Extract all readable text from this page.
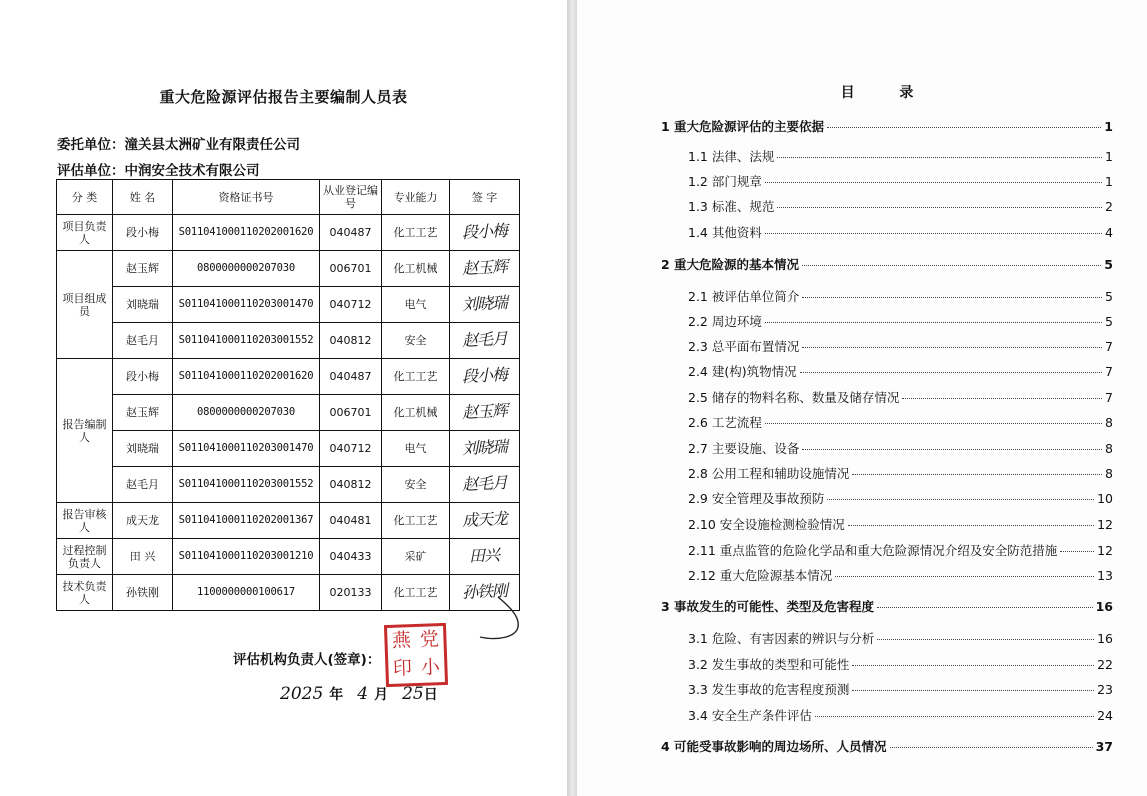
重大危险源评估报告主要编制人员表
委托单位：潼关县太洲矿业有限责任公司
评估单位：中润安全技术有限公司
分 类	姓 名	资格证书号	从业登记编号	专业能力	签 字
项目负责人	段小梅	S011041000110202001620	040487	化工工艺	段小梅
项目组成员	赵玉辉	0800000000207030	006701	化工机械	赵玉辉
	刘晓瑞	S011041000110203001470	040712	电气	刘晓瑞
	赵毛月	S011041000110203001552	040812	安全	赵毛月
报告编制人	段小梅	S011041000110202001620	040487	化工工艺	段小梅
	赵玉辉	0800000000207030	006701	化工机械	赵玉辉
	刘晓瑞	S011041000110203001470	040712	电气	刘晓瑞
	赵毛月	S011041000110203001552	040812	安全	赵毛月
报告审核人	成天龙	S011041000110202001367	040481	化工工艺	成天龙
过程控制负责人	田 兴	S011041000110203001210	040433	采矿	田兴
技术负责人	孙铁刚	1100000000100617	020133	化工工艺	孙铁刚
评估机构负责人(签章)：
燕 党
印 小
2025 年 4 月 25日
目 录
1 重大危险源评估的主要依据	1
1.1 法律、法规	1
1.2 部门规章	1
1.3 标准、规范	2
1.4 其他资料	4
2 重大危险源的基本情况	5
2.1 被评估单位简介	5
2.2 周边环境	5
2.3 总平面布置情况	7
2.4 建(构)筑物情况	7
2.5 储存的物料名称、数量及储存情况	7
2.6 工艺流程	8
2.7 主要设施、设备	8
2.8 公用工程和辅助设施情况	8
2.9 安全管理及事故预防	10
2.10 安全设施检测检验情况	12
2.11 重点监管的危险化学品和重大危险源情况介绍及安全防范措施	12
2.12 重大危险源基本情况	13
3 事故发生的可能性、类型及危害程度	16
3.1 危险、有害因素的辨识与分析	16
3.2 发生事故的类型和可能性	22
3.3 发生事故的危害程度预测	23
3.4 安全生产条件评估	24
4 可能受事故影响的周边场所、人员情况	37
